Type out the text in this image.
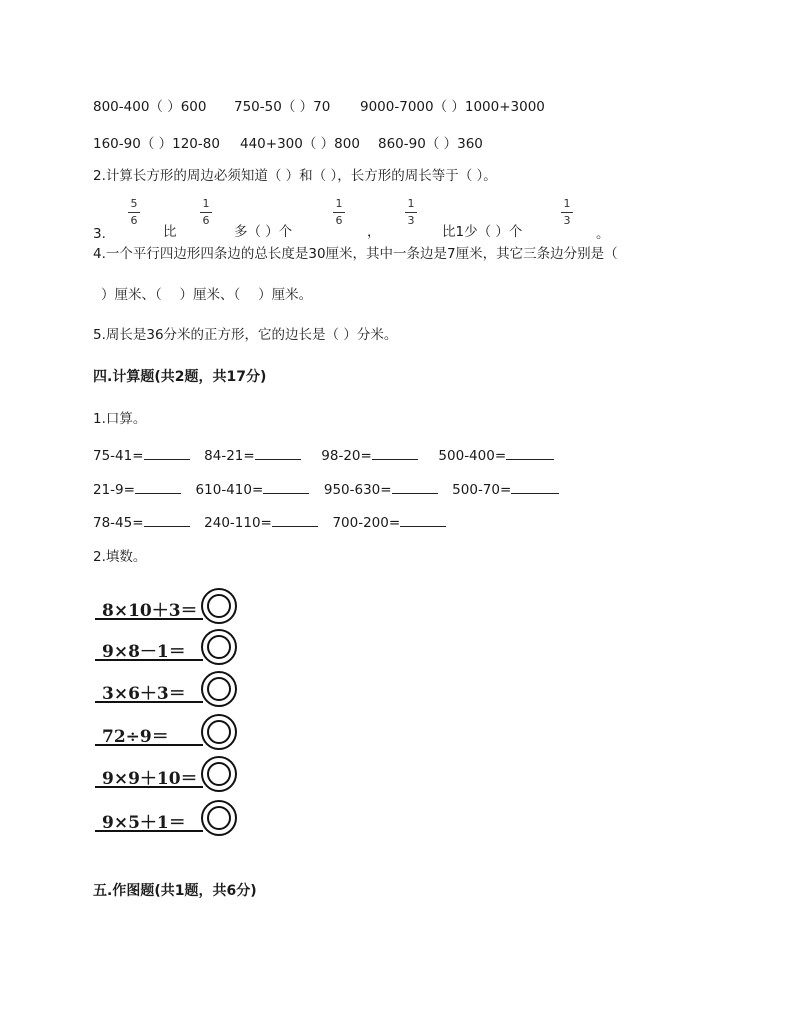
800-400（ ）600 750-50（ ）70 9000-7000（ ）1000+3000
160-90（ ）120-80 440+300（ ）800 860-90（ ）360
2.计算长方形的周边必须知道（ ）和（ ），长方形的周长等于（ ）。
3.
5
6
比
1
6
多（ ）个
1
6
，
1
3
比1少（ ）个
1
3
。
4.一个平行四边形四条边的总长度是30厘米，其中一条边是7厘米，其它三条边分别是（
）厘米、（　 ）厘米、（　 ）厘米。
5.周长是36分米的正方形，它的边长是（ ）分米。
四.计算题(共2题，共17分)
1.口算。
75-41=	84-21=	98-20=	500-400=
21-9=	610-410=	950-630=	500-70=
78-45=	240-110=	700-200=
2.填数。
8×10＋3＝
9×8－1＝
3×6＋3＝
72÷9＝
9×9＋10＝
9×5＋1＝
五.作图题(共1题，共6分)
